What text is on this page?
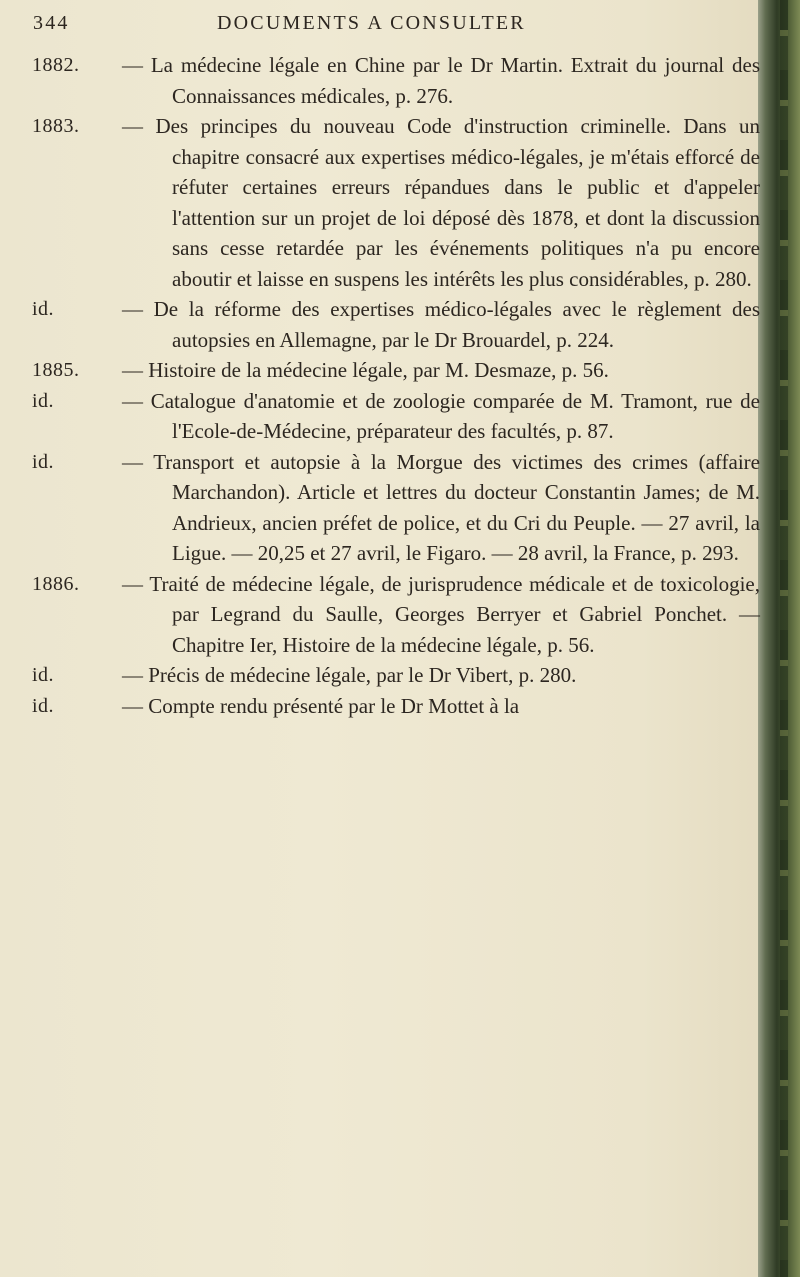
344	DOCUMENTS A CONSULTER
1882. — La médecine légale en Chine par le Dr Martin. Extrait du journal des Connaissances médicales, p. 276.
1883. — Des principes du nouveau Code d'instruction criminelle. Dans un chapitre consacré aux expertises médico-légales, je m'étais efforcé de réfuter certaines erreurs répandues dans le public et d'appeler l'attention sur un projet de loi déposé dès 1878, et dont la discussion sans cesse retardée par les événements politiques n'a pu encore aboutir et laisse en suspens les intérêts les plus considérables, p. 280.
id.	— De la réforme des expertises médico-légales avec le règlement des autopsies en Allemagne, par le Dr Brouardel, p. 224.
1885. — Histoire de la médecine légale, par M. Desmaze, p. 56.
id.	— Catalogue d'anatomie et de zoologie comparée de M. Tramont, rue de l'Ecole-de-Médecine, préparateur des facultés, p. 87.
id.	— Transport et autopsie à la Morgue des victimes des crimes (affaire Marchandon). Article et lettres du docteur Constantin James; de M. Andrieux, ancien préfet de police, et du Cri du Peuple. — 27 avril, la Ligue. — 20,25 et 27 avril, le Figaro. — 28 avril, la France, p. 293.
1886. — Traité de médecine légale, de jurisprudence médicale et de toxicologie, par Legrand du Saulle, Georges Berryer et Gabriel Ponchet. — Chapitre Ier, Histoire de la médecine légale, p. 56.
id.	— Précis de médecine légale, par le Dr Vibert, p. 280.
id.	— Compte rendu présenté par le Dr Mottet à la
